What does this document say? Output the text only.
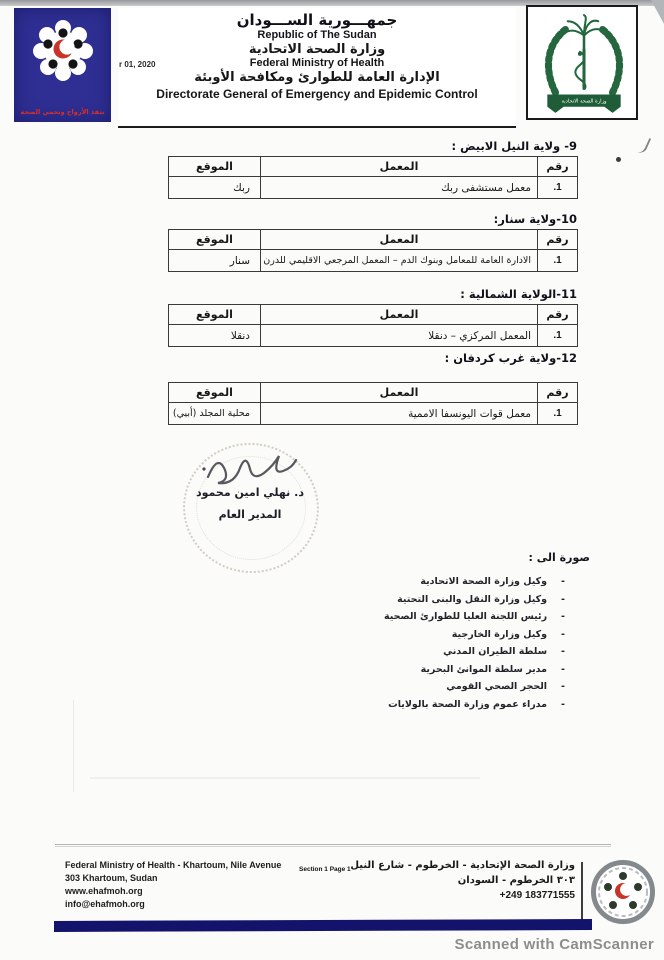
ننقذ الأرواح ونحمي الصحة
جمهـــورية الســـودان
Republic of The Sudan
وزارة الصحة الاتحادية
Federal Ministry of Health
الإدارة العامة للطوارئ ومكافحة الأوبئة
Directorate General of Emergency and Epidemic Control
r 01, 2020
وزارة الصحة الاتحادية
9- ولاية النيل الابيض :
رقم	المعمل	الموقع
1.	معمل مستشفى ربك	ربك
10-ولاية سنار:
رقم	المعمل	الموقع
1.	الادارة العامة للمعامل وبنوك الدم – المعمل المرجعي الاقليمي للدرن	سنار
11-الولاية الشمالية :
رقم	المعمل	الموقع
1.	المعمل المركزي – دنقلا	دنقلا
12-ولاية غرب كردفان :
رقم	المعمل	الموقع
1.	معمل قوات اليونسفا الاممية	محلية المجلد (أبيي)
د. نهلي امين محمود
المدير العام
صورة الى :
- وكيل وزارة الصحة الاتحادية
- وكيل وزارة النقل والبنى التحتية
- رئيس اللجنة العليا للطوارئ الصحية
- وكيل وزارة الخارجية
- سلطة الطيران المدني
- مدير سلطة الموانئ البحرية
- الحجر الصحي القومي
- مدراء عموم وزارة الصحة بالولايات
Federal Ministry of Health - Khartoum, Nile Avenue
303 Khartoum, Sudan
www.ehafmoh.org
info@ehafmoh.org
Section 1 Page 1 وزارة الصحة الإتحادية - الخرطوم - شارع النيل
٣٠٣ الخرطوم - السودان
+249 183771555
Scanned with CamScanner
